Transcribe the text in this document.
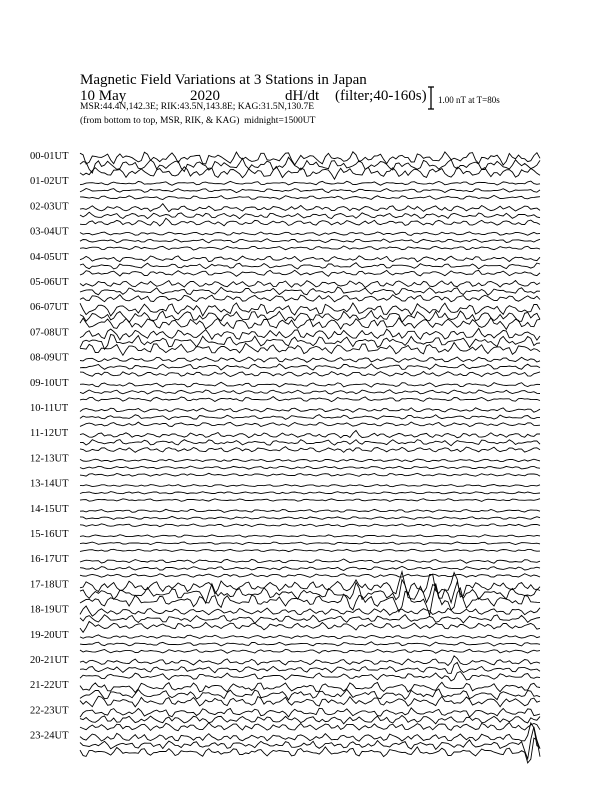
Magnetic Field Variations at 3 Stations in Japan
10 May	2020	dH/dt (filter;40-160s)
MSR:44.4N,142.3E; RIK:43.5N,143.8E; KAG:31.5N,130.7E
(from bottom to top, MSR, RIK, & KAG) midnight=1500UT
1.00 nT at T=80s
00-01UT
01-02UT
02-03UT
03-04UT
04-05UT
05-06UT
06-07UT
07-08UT
08-09UT
09-10UT
10-11UT
11-12UT
12-13UT
13-14UT
14-15UT
15-16UT
16-17UT
17-18UT
18-19UT
19-20UT
20-21UT
21-22UT
22-23UT
23-24UT
